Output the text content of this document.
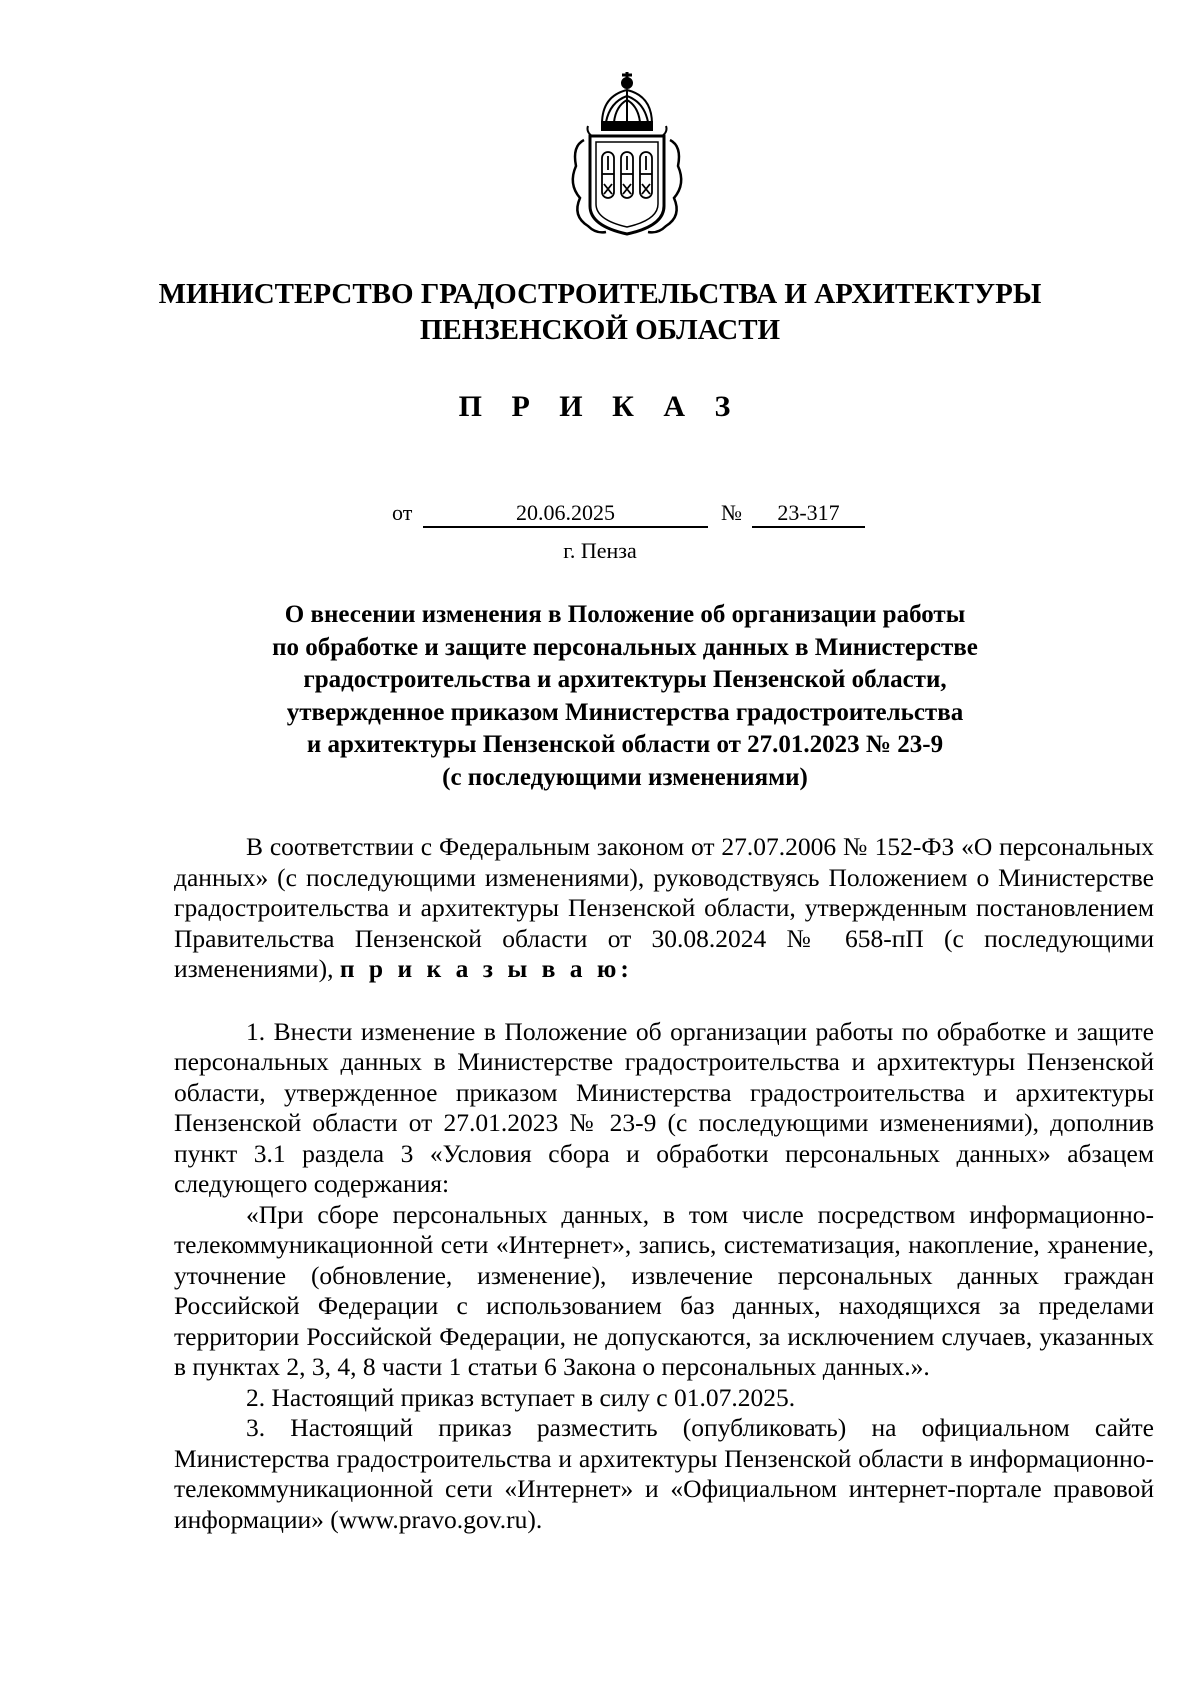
МИНИСТЕРСТВО ГРАДОСТРОИТЕЛЬСТВА И АРХИТЕКТУРЫ
ПЕНЗЕНСКОЙ ОБЛАСТИ
П Р И К А З
от	20.06.2025	№	23-317
г. Пенза
О внесении изменения в Положение об организации работы
по обработке и защите персональных данных в Министерстве
градостроительства и архитектуры Пензенской области,
утвержденное приказом Министерства градостроительства
и архитектуры Пензенской области от 27.01.2023 № 23-9
(с последующими изменениями)

В соответствии с Федеральным законом от 27.07.2006 № 152-ФЗ «О персональных данных» (с последующими изменениями), руководствуясь Положением о Министерстве градостроительства и архитектуры Пензенской области, утвержденным постановлением Правительства Пензенской области от 30.08.2024 № 658-пП (с последующими изменениями), п р и к а з ы в а ю:

1. Внести изменение в Положение об организации работы по обработке и защите персональных данных в Министерстве градостроительства и архитектуры Пензенской области, утвержденное приказом Министерства градостроительства и архитектуры Пензенской области от 27.01.2023 № 23-9 (с последующими изменениями), дополнив пункт 3.1 раздела 3 «Условия сбора и обработки персональных данных» абзацем следующего содержания:

«При сборе персональных данных, в том числе посредством информационно-телекоммуникационной сети «Интернет», запись, систематизация, накопление, хранение, уточнение (обновление, изменение), извлечение персональных данных граждан Российской Федерации с использованием баз данных, находящихся за пределами территории Российской Федерации, не допускаются, за исключением случаев, указанных в пунктах 2, 3, 4, 8 части 1 статьи 6 Закона о персональных данных.».

2. Настоящий приказ вступает в силу с 01.07.2025.

3. Настоящий приказ разместить (опубликовать) на официальном сайте Министерства градостроительства и архитектуры Пензенской области в информационно-телекоммуникационной сети «Интернет» и «Официальном интернет-портале правовой информации» (www.pravo.gov.ru).
